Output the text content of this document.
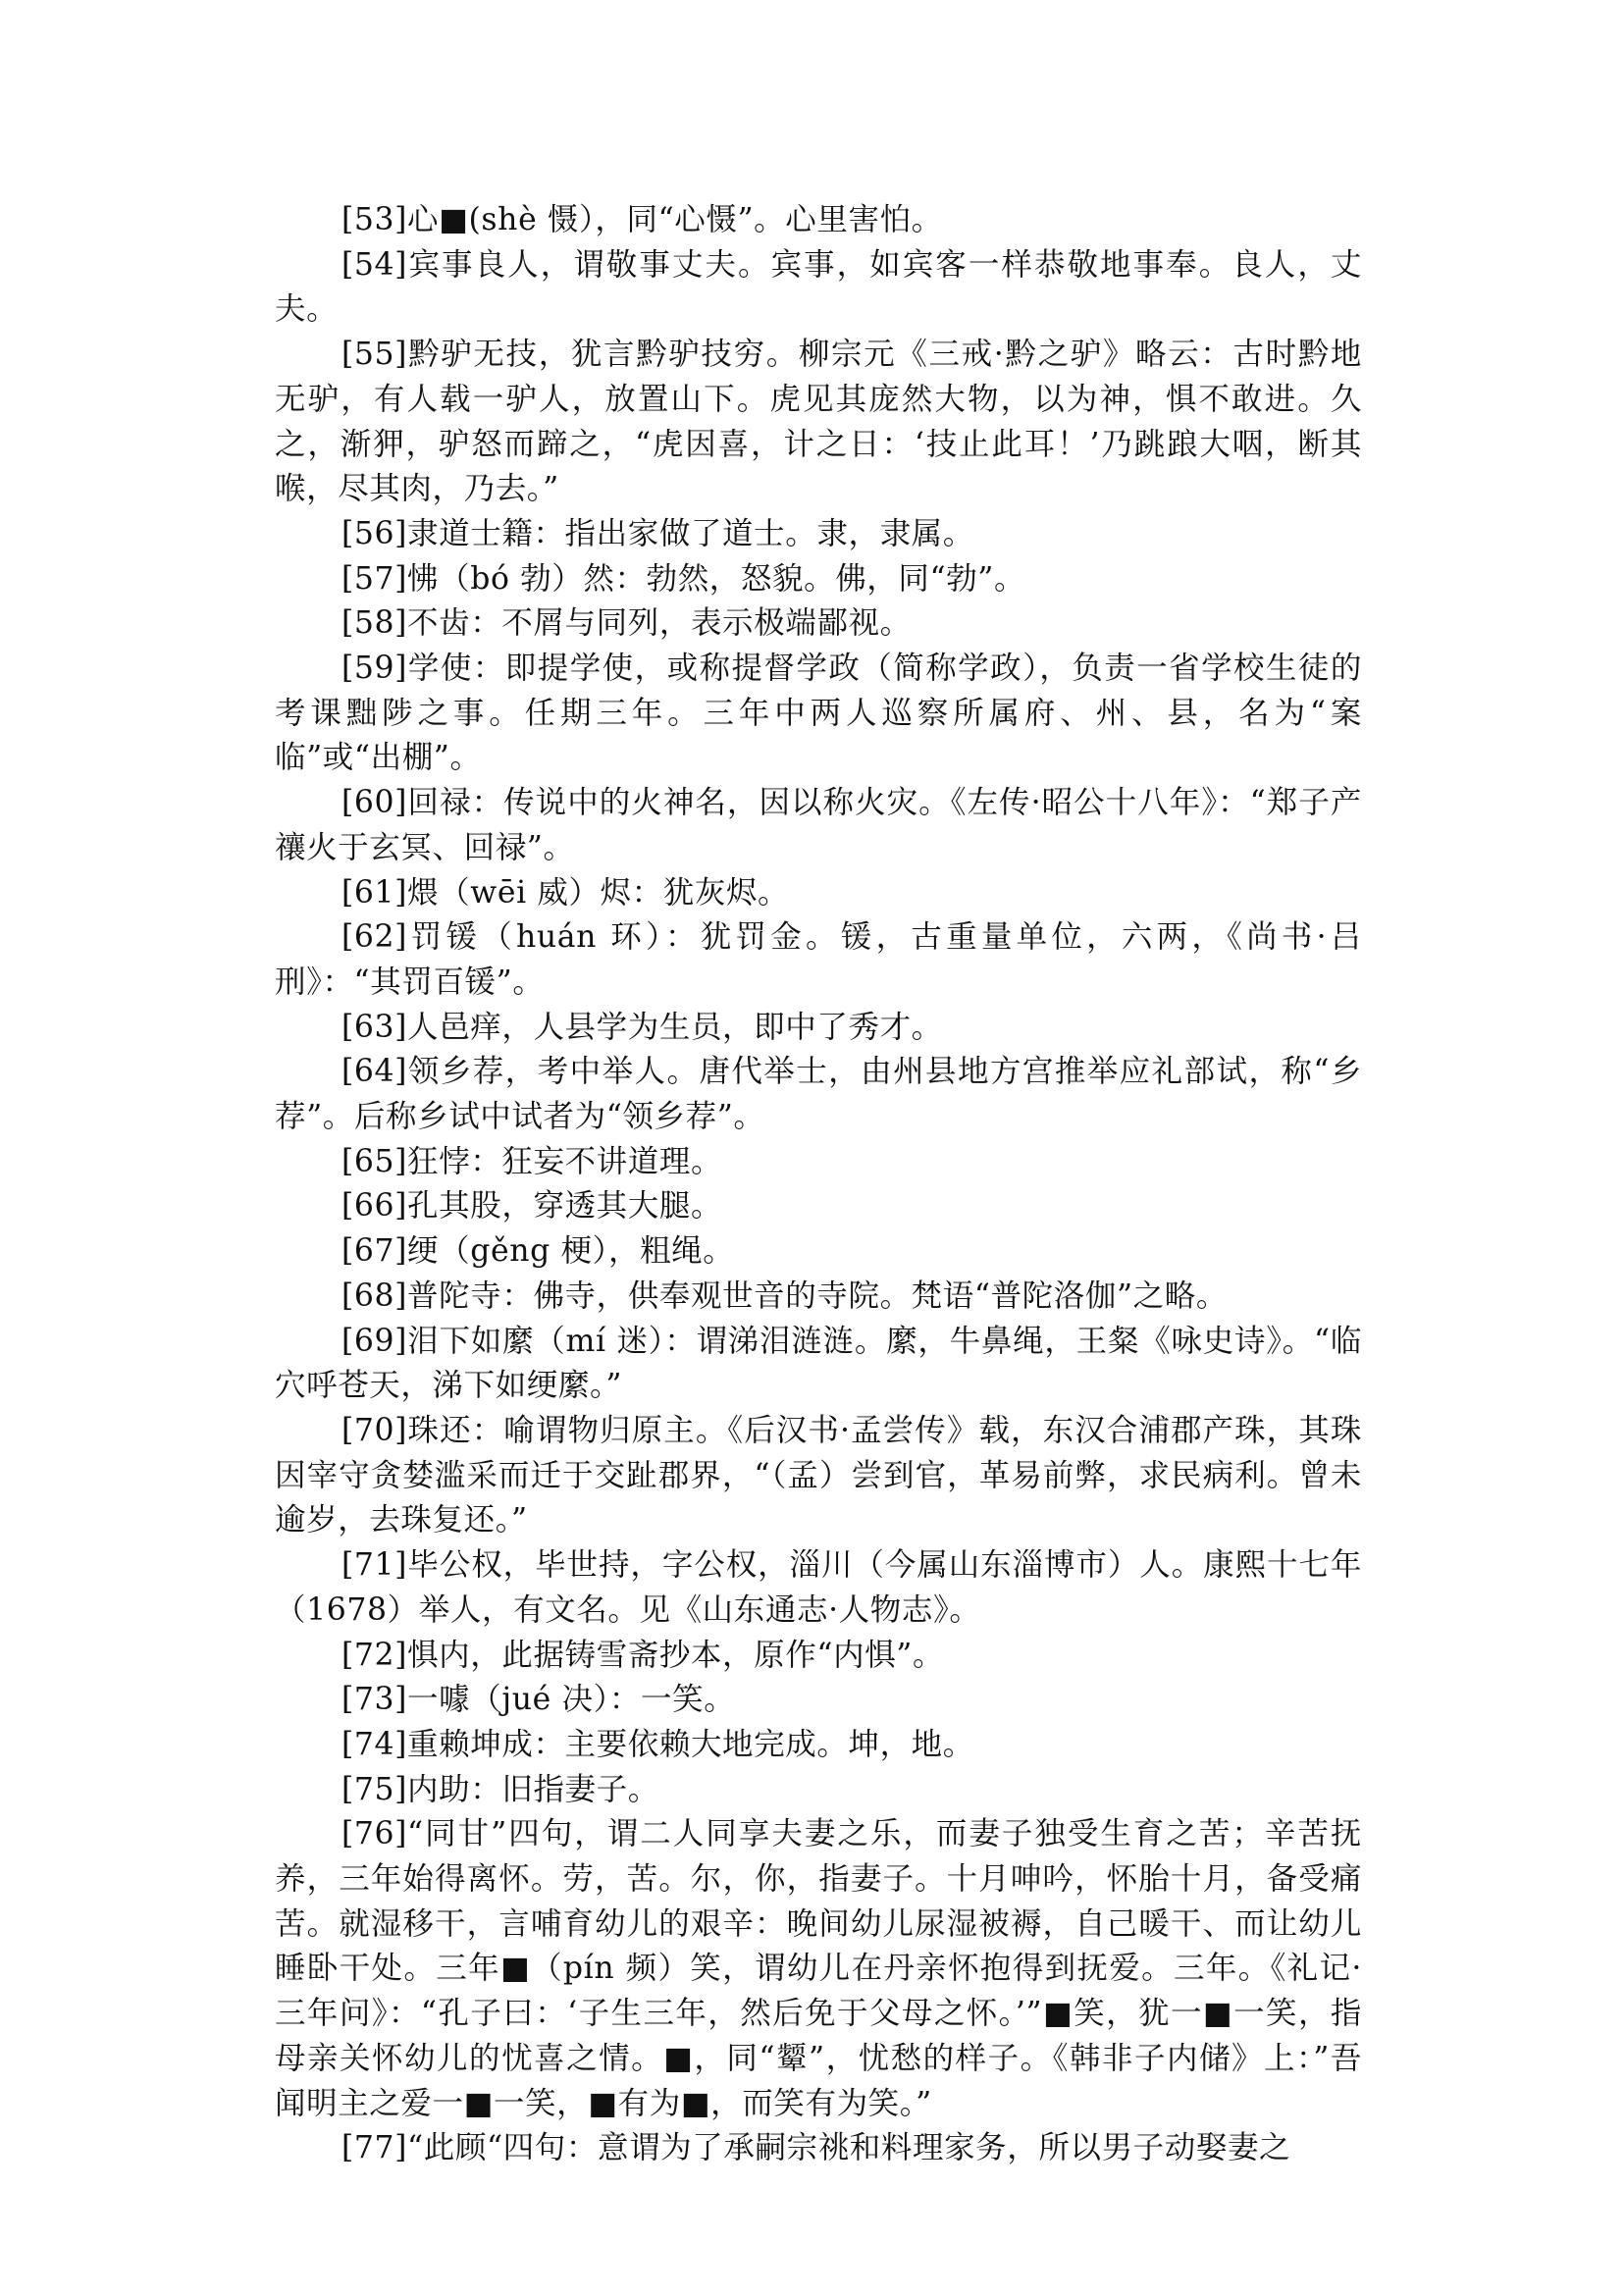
[53]心■(shè 慑），同“心慑”。心里害怕。

[54]宾事良人，谓敬事丈夫。宾事，如宾客一样恭敬地事奉。良人，丈夫。

[55]黔驴无技，犹言黔驴技穷。柳宗元《三戒·黔之驴》略云：古时黔地无驴，有人载一驴人，放置山下。虎见其庞然大物，以为神，惧不敢进。久之，渐狎，驴怒而蹄之，“虎因喜，计之日：‘技止此耳！’乃跳踉大咽，断其喉，尽其肉，乃去。”

[56]隶道士籍：指出家做了道士。隶，隶属。

[57]怫（bó 勃）然：勃然，怒貌。佛，同“勃”。

[58]不齿：不屑与同列，表示极端鄙视。

[59]学使：即提学使，或称提督学政（简称学政），负责一省学校生徒的考课黜陟之事。任期三年。三年中两人巡察所属府、州、县，名为“案临”或“出棚”。

[60]回禄：传说中的火神名，因以称火灾。《左传·昭公十八年》：“郑子产禳火于玄冥、回禄”。

[61]煨（wēi 威）烬：犹灰烬。

[62]罚锾（huán 环）：犹罚金。锾，古重量单位，六两，《尚书·吕刑》：“其罚百锾”。

[63]人邑痒，人县学为生员，即中了秀才。

[64]领乡荐，考中举人。唐代举士，由州县地方宫推举应礼部试，称“乡荐”。后称乡试中试者为“领乡荐”。

[65]狂悖：狂妄不讲道理。

[66]孔其股，穿透其大腿。

[67]绠（gěng 梗），粗绳。

[68]普陀寺：佛寺，供奉观世音的寺院。梵语“普陀洛伽”之略。

[69]泪下如縻（mí 迷）：谓涕泪涟涟。縻，牛鼻绳，王粲《咏史诗》。“临穴呼苍天，涕下如绠縻。”

[70]珠还：喻谓物归原主。《后汉书·孟尝传》载，东汉合浦郡产珠，其珠因宰守贪婪滥采而迁于交趾郡界，“（孟）尝到官，革易前弊，求民病利。曾未逾岁，去珠复还。”

[71]毕公权，毕世持，字公权，淄川（今属山东淄博市）人。康熙十七年（1678）举人，有文名。见《山东通志·人物志》。

[72]惧内，此据铸雪斋抄本，原作“内惧”。

[73]一噱（jué 决）：一笑。

[74]重赖坤成：主要依赖大地完成。坤，地。

[75]内助：旧指妻子。

[76]“同甘”四句，谓二人同享夫妻之乐，而妻子独受生育之苦；辛苦抚养，三年始得离怀。劳，苦。尔，你，指妻子。十月呻吟，怀胎十月，备受痛苦。就湿移干，言哺育幼儿的艰辛：晚间幼儿尿湿被褥，自己暖干、而让幼儿睡卧干处。三年■（pín 频）笑，谓幼儿在丹亲怀抱得到抚爱。三年。《礼记·三年问》：“孔子曰：‘子生三年，然后免于父母之怀。’”■笑，犹一■一笑，指母亲关怀幼儿的忧喜之情。■，同“颦”，忧愁的样子。《韩非子内储》上：”吾闻明主之爱一■一笑，■有为■，而笑有为笑。”

[77]“此顾“四句：意谓为了承嗣宗祧和料理家务，所以男子动娶妻之
